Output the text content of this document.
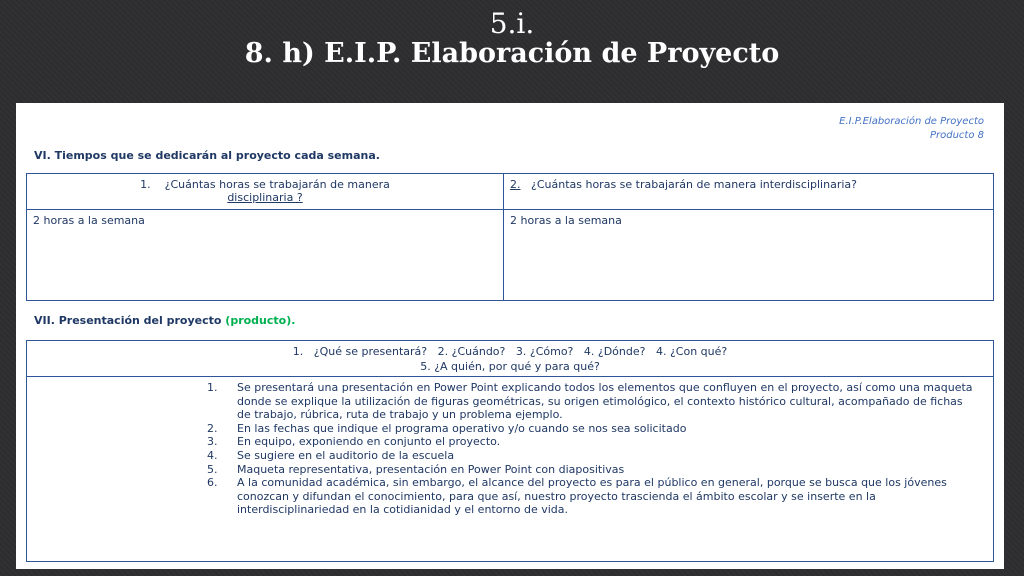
5.i.
8. h) E.I.P. Elaboración de Proyecto
E.I.P.Elaboración de Proyecto
Producto 8
VI. Tiempos que se dedicarán al proyecto cada semana.
1. ¿Cuántas horas se trabajarán de manera
disciplinaria ?	2. ¿Cuántas horas se trabajarán de manera interdisciplinaria?
2 horas a la semana	2 horas a la semana
VII. Presentación del proyecto (producto).
1.   ¿Qué se presentará?   2. ¿Cuándo?   3. ¿Cómo?   4. ¿Dónde?   4. ¿Con qué?
5. ¿A quién, por qué y para qué?
1. Se presentará una presentación en Power Point explicando todos los elementos que confluyen en el proyecto, así como una maqueta donde se explique la utilización de figuras geométricas, su origen etimológico, el contexto histórico cultural, acompañado de fichas de trabajo, rúbrica, ruta de trabajo y un problema ejemplo.
2. En las fechas que indique el programa operativo y/o cuando se nos sea solicitado
3. En equipo, exponiendo en conjunto el proyecto.
4. Se sugiere en el auditorio de la escuela
5. Maqueta representativa, presentación en Power Point con diapositivas
6. A la comunidad académica, sin embargo, el alcance del proyecto es para el público en general, porque se busca que los jóvenes conozcan y difundan el conocimiento, para que así, nuestro proyecto trascienda el ámbito escolar y se inserte en la interdisciplinariedad en la cotidianidad y el entorno de vida.
